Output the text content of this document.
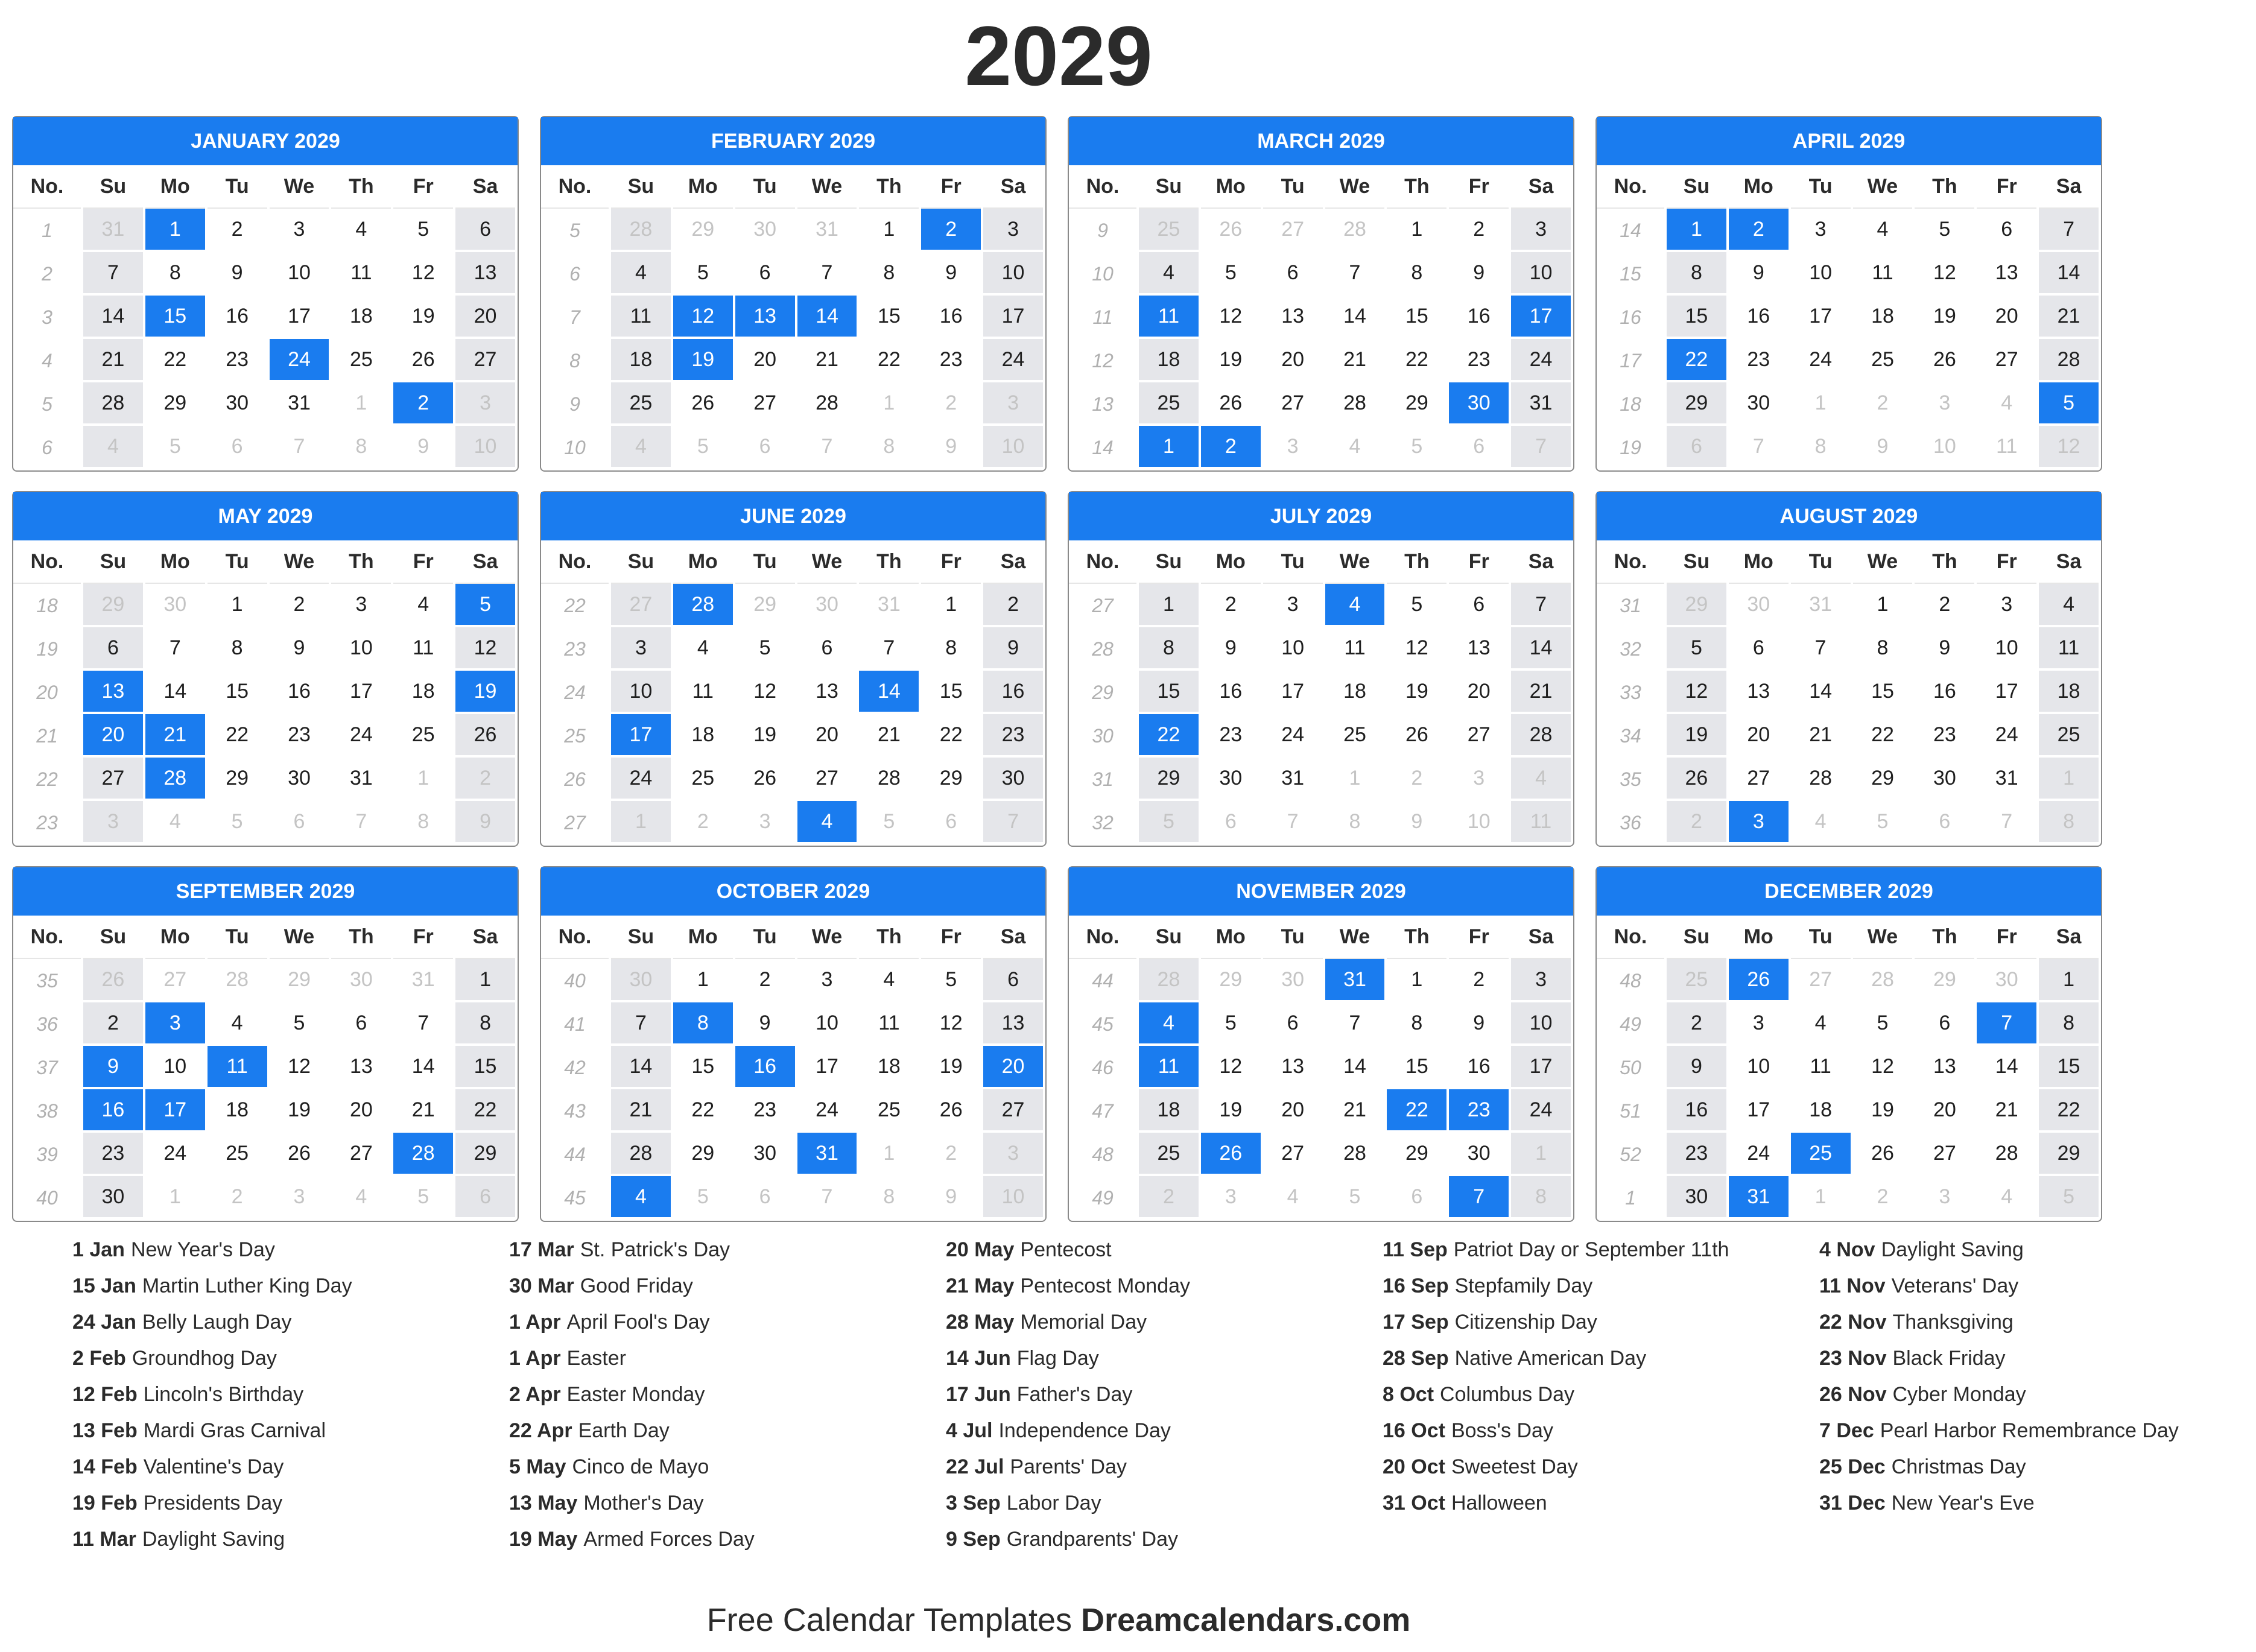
2029
JANUARY 2029
No.	Su	Mo	Tu	We	Th	Fr	Sa
1	31	1	2	3	4	5	6
2	7	8	9	10	11	12	13
3	14	15	16	17	18	19	20
4	21	22	23	24	25	26	27
5	28	29	30	31	1	2	3
6	4	5	6	7	8	9	10
FEBRUARY 2029
No.	Su	Mo	Tu	We	Th	Fr	Sa
5	28	29	30	31	1	2	3
6	4	5	6	7	8	9	10
7	11	12	13	14	15	16	17
8	18	19	20	21	22	23	24
9	25	26	27	28	1	2	3
10	4	5	6	7	8	9	10
MARCH 2029
No.	Su	Mo	Tu	We	Th	Fr	Sa
9	25	26	27	28	1	2	3
10	4	5	6	7	8	9	10
11	11	12	13	14	15	16	17
12	18	19	20	21	22	23	24
13	25	26	27	28	29	30	31
14	1	2	3	4	5	6	7
APRIL 2029
No.	Su	Mo	Tu	We	Th	Fr	Sa
14	1	2	3	4	5	6	7
15	8	9	10	11	12	13	14
16	15	16	17	18	19	20	21
17	22	23	24	25	26	27	28
18	29	30	1	2	3	4	5
19	6	7	8	9	10	11	12
MAY 2029
No.	Su	Mo	Tu	We	Th	Fr	Sa
18	29	30	1	2	3	4	5
19	6	7	8	9	10	11	12
20	13	14	15	16	17	18	19
21	20	21	22	23	24	25	26
22	27	28	29	30	31	1	2
23	3	4	5	6	7	8	9
JUNE 2029
No.	Su	Mo	Tu	We	Th	Fr	Sa
22	27	28	29	30	31	1	2
23	3	4	5	6	7	8	9
24	10	11	12	13	14	15	16
25	17	18	19	20	21	22	23
26	24	25	26	27	28	29	30
27	1	2	3	4	5	6	7
JULY 2029
No.	Su	Mo	Tu	We	Th	Fr	Sa
27	1	2	3	4	5	6	7
28	8	9	10	11	12	13	14
29	15	16	17	18	19	20	21
30	22	23	24	25	26	27	28
31	29	30	31	1	2	3	4
32	5	6	7	8	9	10	11
AUGUST 2029
No.	Su	Mo	Tu	We	Th	Fr	Sa
31	29	30	31	1	2	3	4
32	5	6	7	8	9	10	11
33	12	13	14	15	16	17	18
34	19	20	21	22	23	24	25
35	26	27	28	29	30	31	1
36	2	3	4	5	6	7	8
SEPTEMBER 2029
No.	Su	Mo	Tu	We	Th	Fr	Sa
35	26	27	28	29	30	31	1
36	2	3	4	5	6	7	8
37	9	10	11	12	13	14	15
38	16	17	18	19	20	21	22
39	23	24	25	26	27	28	29
40	30	1	2	3	4	5	6
OCTOBER 2029
No.	Su	Mo	Tu	We	Th	Fr	Sa
40	30	1	2	3	4	5	6
41	7	8	9	10	11	12	13
42	14	15	16	17	18	19	20
43	21	22	23	24	25	26	27
44	28	29	30	31	1	2	3
45	4	5	6	7	8	9	10
NOVEMBER 2029
No.	Su	Mo	Tu	We	Th	Fr	Sa
44	28	29	30	31	1	2	3
45	4	5	6	7	8	9	10
46	11	12	13	14	15	16	17
47	18	19	20	21	22	23	24
48	25	26	27	28	29	30	1
49	2	3	4	5	6	7	8
DECEMBER 2029
No.	Su	Mo	Tu	We	Th	Fr	Sa
48	25	26	27	28	29	30	1
49	2	3	4	5	6	7	8
50	9	10	11	12	13	14	15
51	16	17	18	19	20	21	22
52	23	24	25	26	27	28	29
1	30	31	1	2	3	4	5
1 Jan New Year's Day
15 Jan Martin Luther King Day
24 Jan Belly Laugh Day
2 Feb Groundhog Day
12 Feb Lincoln's Birthday
13 Feb Mardi Gras Carnival
14 Feb Valentine's Day
19 Feb Presidents Day
11 Mar Daylight Saving
17 Mar St. Patrick's Day
30 Mar Good Friday
1 Apr April Fool's Day
1 Apr Easter
2 Apr Easter Monday
22 Apr Earth Day
5 May Cinco de Mayo
13 May Mother's Day
19 May Armed Forces Day
20 May Pentecost
21 May Pentecost Monday
28 May Memorial Day
14 Jun Flag Day
17 Jun Father's Day
4 Jul Independence Day
22 Jul Parents' Day
3 Sep Labor Day
9 Sep Grandparents' Day
11 Sep Patriot Day or September 11th
16 Sep Stepfamily Day
17 Sep Citizenship Day
28 Sep Native American Day
8 Oct Columbus Day
16 Oct Boss's Day
20 Oct Sweetest Day
31 Oct Halloween
4 Nov Daylight Saving
11 Nov Veterans' Day
22 Nov Thanksgiving
23 Nov Black Friday
26 Nov Cyber Monday
7 Dec Pearl Harbor Remembrance Day
25 Dec Christmas Day
31 Dec New Year's Eve
Free Calendar Templates Dreamcalendars.com
